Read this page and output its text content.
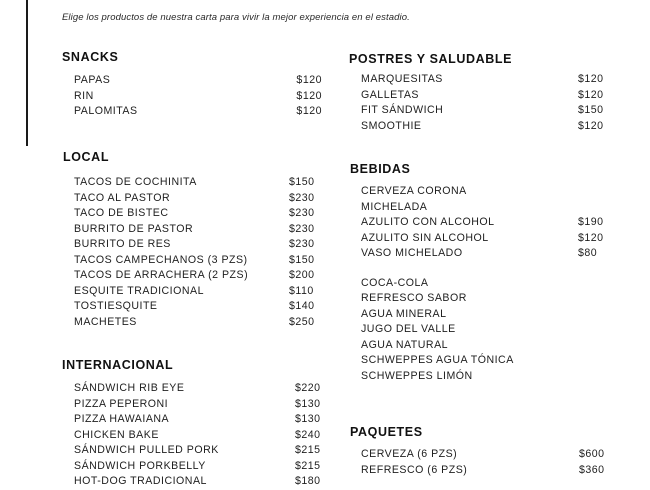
Elige los productos de nuestra carta para vivir la mejor experiencia en el estadio.
SNACKS
PAPAS	$120
RIN	$120
PALOMITAS	$120
LOCAL
TACOS DE COCHINITA	$150
TACO AL PASTOR	$230
TACO DE BISTEC	$230
BURRITO DE PASTOR	$230
BURRITO DE RES	$230
TACOS CAMPECHANOS (3 PZS)	$150
TACOS DE ARRACHERA (2 PZS)	$200
ESQUITE TRADICIONAL	$110
TOSTIESQUITE	$140
MACHETES	$250
INTERNACIONAL
SÁNDWICH RIB EYE	$220
PIZZA PEPERONI	$130
PIZZA HAWAIANA	$130
CHICKEN BAKE	$240
SÁNDWICH PULLED PORK	$215
SÁNDWICH PORKBELLY	$215
HOT-DOG TRADICIONAL	$180
POSTRES Y SALUDABLE
MARQUESITAS	$120
GALLETAS	$120
FIT SÁNDWICH	$150
SMOOTHIE	$120
BEBIDAS
CERVEZA CORONA
MICHELADA
AZULITO CON ALCOHOL	$190
AZULITO SIN ALCOHOL	$120
VASO MICHELADO	$80
COCA-COLA
REFRESCO SABOR
AGUA MINERAL
JUGO DEL VALLE
AGUA NATURAL
SCHWEPPES AGUA TÓNICA
SCHWEPPES LIMÓN
PAQUETES
CERVEZA (6 PZS)	$600
REFRESCO (6 PZS)	$360
